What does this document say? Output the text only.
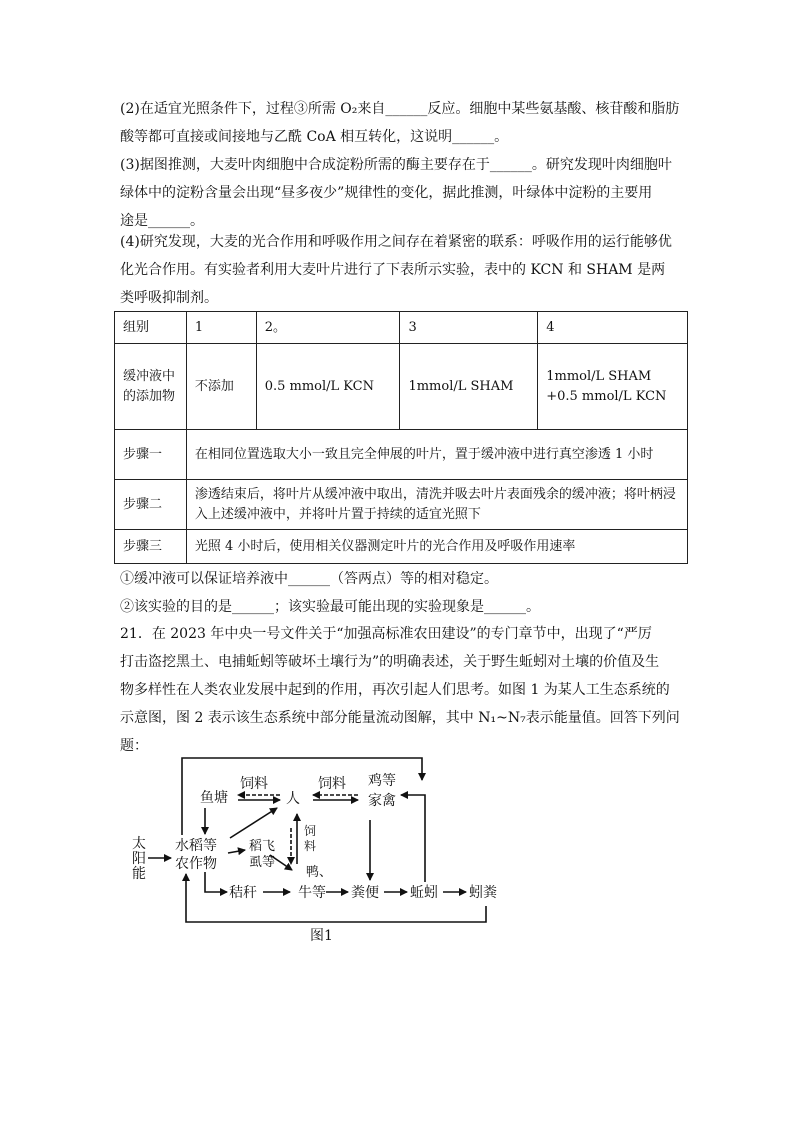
(2)在适宜光照条件下，过程③所需 O₂来自______反应。细胞中某些氨基酸、核苷酸和脂肪

酸等都可直接或间接地与乙酰 CoA 相互转化，这说明______。

(3)据图推测，大麦叶肉细胞中合成淀粉所需的酶主要存在于______。研究发现叶肉细胞叶

绿体中的淀粉含量会出现“昼多夜少”规律性的变化，据此推测，叶绿体中淀粉的主要用

途是______。

(4)研究发现，大麦的光合作用和呼吸作用之间存在着紧密的联系：呼吸作用的运行能够优

化光合作用。有实验者利用大麦叶片进行了下表所示实验，表中的 KCN 和 SHAM 是两

类呼吸抑制剂。

组别	1	2。	3	4
缓冲液中的添加物	不添加	0.5 mmol/L KCN	1mmol/L SHAM	1mmol/L SHAM +0.5 mmol/L KCN
步骤一	在相同位置选取大小一致且完全伸展的叶片，置于缓冲液中进行真空渗透 1 小时			
步骤二	渗透结束后，将叶片从缓冲液中取出，清洗并吸去叶片表面残余的缓冲液；将叶柄浸入上述缓冲液中，并将叶片置于持续的适宜光照下			
步骤三	光照 4 小时后，使用相关仪器测定叶片的光合作用及呼吸作用速率			

①缓冲液可以保证培养液中______（答两点）等的相对稳定。

②该实验的目的是______；该实验最可能出现的实验现象是______。

21．在 2023 年中央一号文件关于“加强高标准农田建设”的专门章节中，出现了“严厉

打击盗挖黑土、电捕蚯蚓等破坏土壤行为”的明确表述，关于野生蚯蚓对土壤的价值及生

物多样性在人类农业发展中起到的作用，再次引起人们思考。如图 1 为某人工生态系统的

示意图，图 2 表示该生态系统中部分能量流动图解，其中 N₁~N₇表示能量值。回答下列问

题：

太
阳
能
水稻等
农作物
鱼塘	人
鸡等
家禽
饲料	饲料
饲
料
稻飞
虱等
鸭、
牛等
秸秆	粪便 蚯蚓 蚓粪
图1
